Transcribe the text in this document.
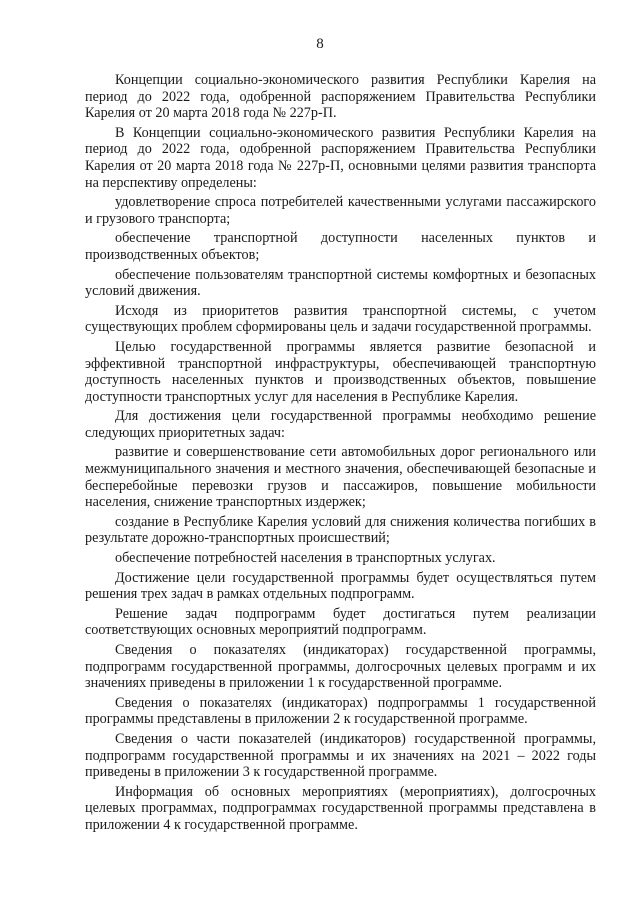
8

Концепции социально-экономического развития Республики Карелия на период до 2022 года, одобренной распоряжением Правительства Республики Карелия от 20 марта 2018 года № 227р-П.

В Концепции социально-экономического развития Республики Карелия на период до 2022 года, одобренной распоряжением Правительства Республики Карелия от 20 марта 2018 года № 227р-П, основными целями развития транспорта на перспективу определены:

удовлетворение спроса потребителей качественными услугами пассажирского и грузового транспорта;

обеспечение транспортной доступности населенных пунктов и производственных объектов;

обеспечение пользователям транспортной системы комфортных и безопасных условий движения.

Исходя из приоритетов развития транспортной системы, с учетом существующих проблем сформированы цель и задачи государственной программы.

Целью государственной программы является развитие безопасной и эффективной транспортной инфраструктуры, обеспечивающей транспортную доступность населенных пунктов и производственных объектов, повышение доступности транспортных услуг для населения в Республике Карелия.

Для достижения цели государственной программы необходимо решение следующих приоритетных задач:

развитие и совершенствование сети автомобильных дорог регионального или межмуниципального значения и местного значения, обеспечивающей безопасные и бесперебойные перевозки грузов и пассажиров, повышение мобильности населения, снижение транспортных издержек;

создание в Республике Карелия условий для снижения количества погибших в результате дорожно-транспортных происшествий;

обеспечение потребностей населения в транспортных услугах.

Достижение цели государственной программы будет осуществляться путем решения трех задач в рамках отдельных подпрограмм.

Решение задач подпрограмм будет достигаться путем реализации соответствующих основных мероприятий подпрограмм.

Сведения о показателях (индикаторах) государственной программы, подпрограмм государственной программы, долгосрочных целевых программ и их значениях приведены в приложении 1 к государственной программе.

Сведения о показателях (индикаторах) подпрограммы 1 государственной программы представлены в приложении 2 к государственной программе.

Сведения о части показателей (индикаторов) государственной программы, подпрограмм государственной программы и их значениях на 2021 – 2022 годы приведены в приложении 3 к государственной программе.

Информация об основных мероприятиях (мероприятиях), долгосрочных целевых программах, подпрограммах государственной программы представлена в приложении 4 к государственной программе.
